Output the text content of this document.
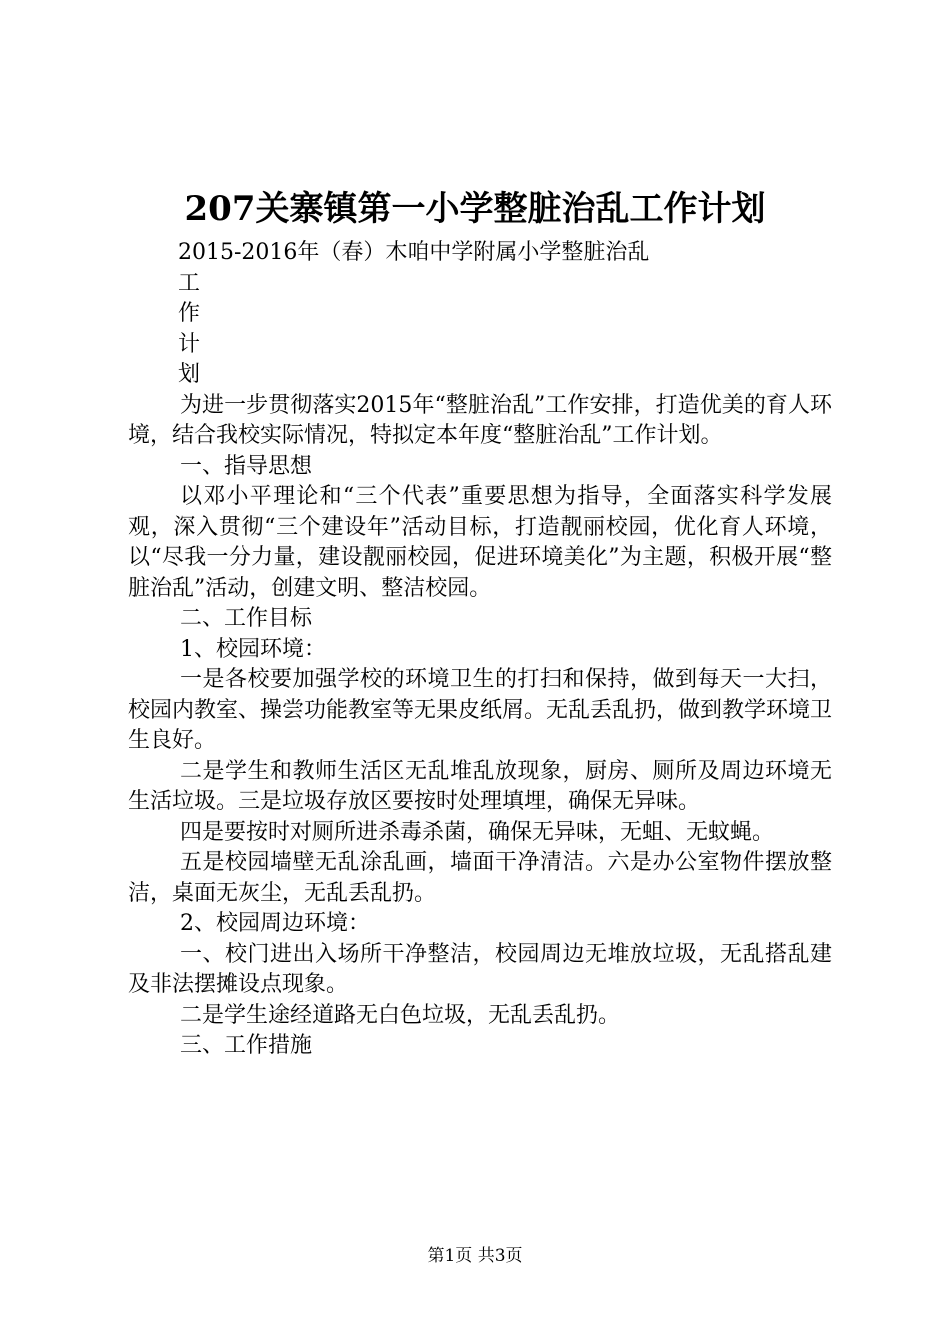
207关寨镇第一小学整脏治乱工作计划

2015-2016年（春）木咱中学附属小学整脏治乱

工

作

计

划

为进一步贯彻落实2015年“整脏治乱”工作安排，打造优美的育人环境，结合我校实际情况，特拟定本年度“整脏治乱”工作计划。

一、指导思想

以邓小平理论和“三个代表”重要思想为指导，全面落实科学发展观，深入贯彻“三个建设年”活动目标，打造靓丽校园，优化育人环境，以“尽我一分力量，建设靓丽校园，促进环境美化”为主题，积极开展“整脏治乱”活动，创建文明、整洁校园。

二、工作目标

1、校园环境：

一是各校要加强学校的环境卫生的打扫和保持，做到每天一大扫，校园内教室、操尝功能教室等无果皮纸屑。无乱丢乱扔，做到教学环境卫生良好。

二是学生和教师生活区无乱堆乱放现象，厨房、厕所及周边环境无生活垃圾。三是垃圾存放区要按时处理填埋，确保无异味。

四是要按时对厕所进杀毒杀菌，确保无异味，无蛆、无蚊蝇。

五是校园墙壁无乱涂乱画，墙面干净清洁。六是办公室物件摆放整洁，桌面无灰尘，无乱丢乱扔。

2、校园周边环境：

一、校门进出入场所干净整洁，校园周边无堆放垃圾，无乱搭乱建及非法摆摊设点现象。

二是学生途经道路无白色垃圾，无乱丢乱扔。

三、工作措施

第1页 共3页
